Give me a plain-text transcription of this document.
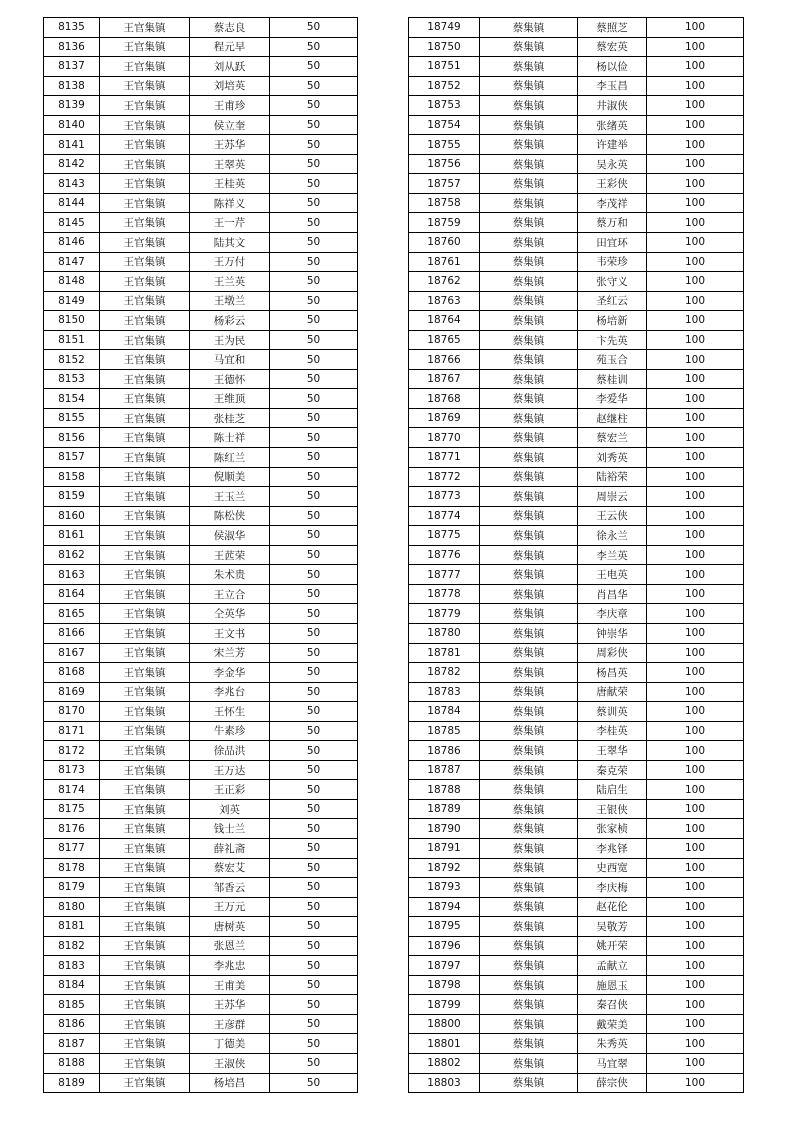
8135	王官集镇	蔡志良	50
8136	王官集镇	程元早	50
8137	王官集镇	刘从跃	50
8138	王官集镇	刘培英	50
8139	王官集镇	王甫珍	50
8140	王官集镇	侯立奎	50
8141	王官集镇	王苏华	50
8142	王官集镇	王翠英	50
8143	王官集镇	王桂英	50
8144	王官集镇	陈祥义	50
8145	王官集镇	王一芹	50
8146	王官集镇	陆其文	50
8147	王官集镇	王万付	50
8148	王官集镇	王兰英	50
8149	王官集镇	王墩兰	50
8150	王官集镇	杨彩云	50
8151	王官集镇	王为民	50
8152	王官集镇	马宜和	50
8153	王官集镇	王德怀	50
8154	王官集镇	王维顶	50
8155	王官集镇	张桂芝	50
8156	王官集镇	陈士祥	50
8157	王官集镇	陈红兰	50
8158	王官集镇	倪顺美	50
8159	王官集镇	王玉兰	50
8160	王官集镇	陈松侠	50
8161	王官集镇	侯淑华	50
8162	王官集镇	王苉荣	50
8163	王官集镇	朱术贵	50
8164	王官集镇	王立合	50
8165	王官集镇	仝英华	50
8166	王官集镇	王文书	50
8167	王官集镇	宋兰芳	50
8168	王官集镇	李金华	50
8169	王官集镇	李兆台	50
8170	王官集镇	王怀生	50
8171	王官集镇	牛素珍	50
8172	王官集镇	徐品洪	50
8173	王官集镇	王万达	50
8174	王官集镇	王正彩	50
8175	王官集镇	刘英	50
8176	王官集镇	钱士兰	50
8177	王官集镇	薛礼斋	50
8178	王官集镇	蔡宏艾	50
8179	王官集镇	邹香云	50
8180	王官集镇	王万元	50
8181	王官集镇	唐树英	50
8182	王官集镇	张恩兰	50
8183	王官集镇	李兆忠	50
8184	王官集镇	王甫美	50
8185	王官集镇	王苏华	50
8186	王官集镇	王彦群	50
8187	王官集镇	丁德美	50
8188	王官集镇	王淑侠	50
8189	王官集镇	杨培昌	50
18749	蔡集镇	蔡照芝	100
18750	蔡集镇	蔡宏英	100
18751	蔡集镇	杨以俭	100
18752	蔡集镇	李玉昌	100
18753	蔡集镇	井淑侠	100
18754	蔡集镇	张绪英	100
18755	蔡集镇	许建举	100
18756	蔡集镇	吴永英	100
18757	蔡集镇	王彩侠	100
18758	蔡集镇	李茂祥	100
18759	蔡集镇	蔡万和	100
18760	蔡集镇	田宜环	100
18761	蔡集镇	韦荣珍	100
18762	蔡集镇	张守义	100
18763	蔡集镇	圣红云	100
18764	蔡集镇	杨培新	100
18765	蔡集镇	卞先英	100
18766	蔡集镇	苑玉合	100
18767	蔡集镇	蔡桂训	100
18768	蔡集镇	李爱华	100
18769	蔡集镇	赵继柱	100
18770	蔡集镇	蔡宏兰	100
18771	蔡集镇	刘秀英	100
18772	蔡集镇	陆裕荣	100
18773	蔡集镇	周崇云	100
18774	蔡集镇	王云侠	100
18775	蔡集镇	徐永兰	100
18776	蔡集镇	李兰英	100
18777	蔡集镇	王电英	100
18778	蔡集镇	肖昌华	100
18779	蔡集镇	李庆章	100
18780	蔡集镇	钟崇华	100
18781	蔡集镇	周彩侠	100
18782	蔡集镇	杨昌英	100
18783	蔡集镇	唐献荣	100
18784	蔡集镇	蔡训英	100
18785	蔡集镇	李桂英	100
18786	蔡集镇	王翠华	100
18787	蔡集镇	秦克荣	100
18788	蔡集镇	陆启生	100
18789	蔡集镇	王银侠	100
18790	蔡集镇	张家桢	100
18791	蔡集镇	李兆铎	100
18792	蔡集镇	史西宽	100
18793	蔡集镇	李庆梅	100
18794	蔡集镇	赵花伦	100
18795	蔡集镇	吴敬芳	100
18796	蔡集镇	姚开荣	100
18797	蔡集镇	孟献立	100
18798	蔡集镇	施恩玉	100
18799	蔡集镇	秦召侠	100
18800	蔡集镇	戴荣美	100
18801	蔡集镇	朱秀英	100
18802	蔡集镇	马宜翠	100
18803	蔡集镇	薛宗侠	100
